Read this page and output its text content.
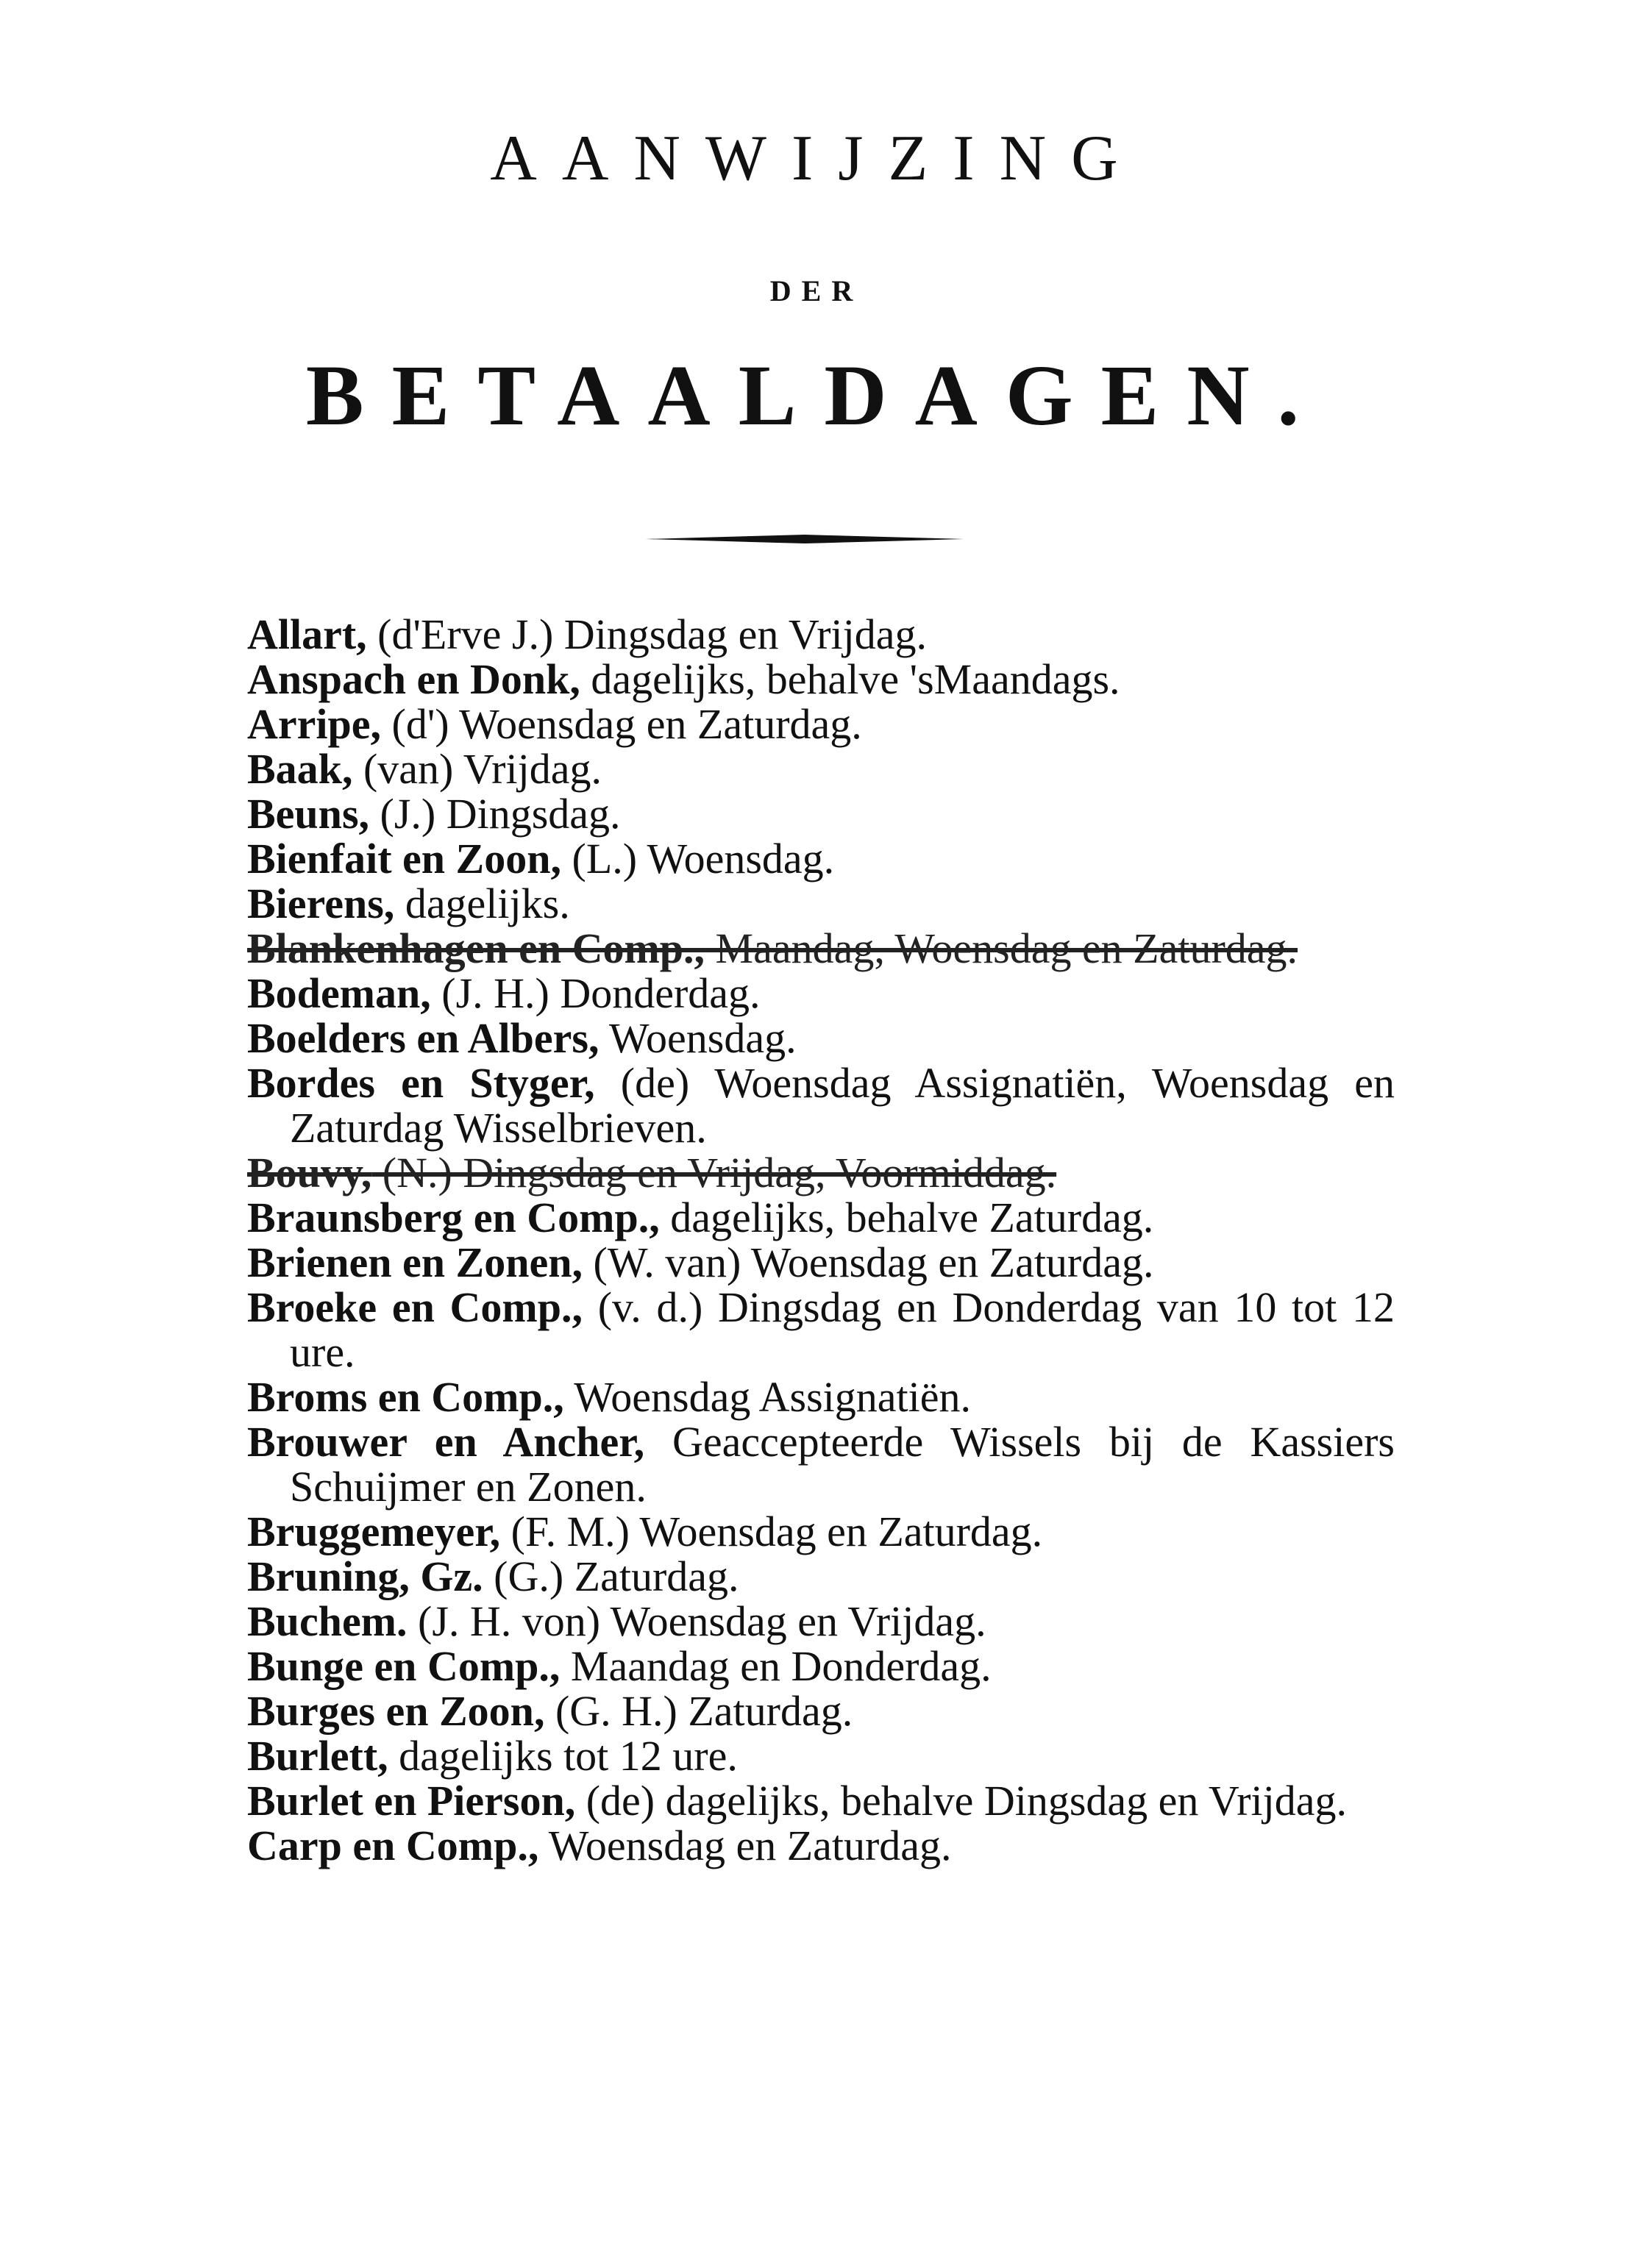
AANWIJZING
DER
BETAALDAGEN.
Allart, (d'Erve J.) Dingsdag en Vrijdag.
Anspach en Donk, dagelijks, behalve 'sMaandags.
Arripe, (d') Woensdag en Zaturdag.
Baak, (van) Vrijdag.
Beuns, (J.) Dingsdag.
Bienfait en Zoon, (L.) Woensdag.
Bierens, dagelijks.
Blankenhagen en Comp., Maandag, Woensdag en Zaturdag.
Bodeman, (J. H.) Donderdag.
Boelders en Albers, Woensdag.
Bordes en Styger, (de) Woensdag Assignatiën, Woensdag en Zaturdag Wisselbrieven.
Bouvy, (N.) Dingsdag en Vrijdag, Voormiddag.
Braunsberg en Comp., dagelijks, behalve Zaturdag.
Brienen en Zonen, (W. van) Woensdag en Zaturdag.
Broeke en Comp., (v. d.) Dingsdag en Donderdag van 10 tot 12 ure.
Broms en Comp., Woensdag Assignatiën.
Brouwer en Ancher, Geaccepteerde Wissels bij de Kassiers Schuijmer en Zonen.
Bruggemeyer, (F. M.) Woensdag en Zaturdag.
Bruning, Gz. (G.) Zaturdag.
Buchem. (J. H. von) Woensdag en Vrijdag.
Bunge en Comp., Maandag en Donderdag.
Burges en Zoon, (G. H.) Zaturdag.
Burlett, dagelijks tot 12 ure.
Burlet en Pierson, (de) dagelijks, behalve Dingsdag en Vrijdag.
Carp en Comp., Woensdag en Zaturdag.
